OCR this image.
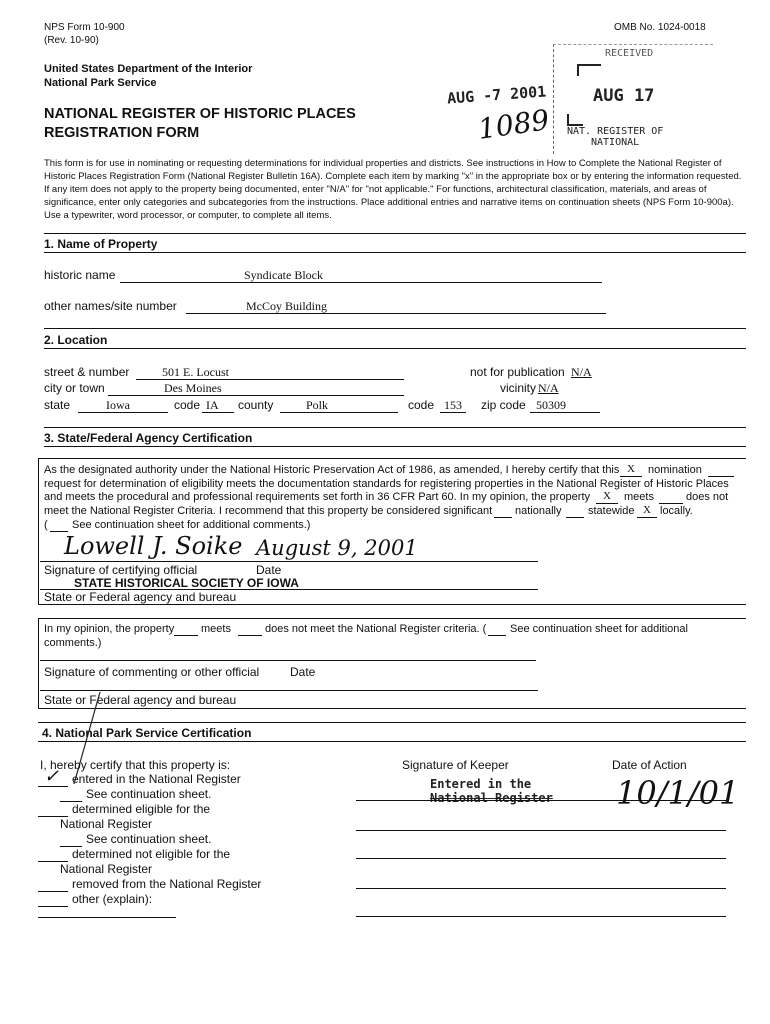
NPS Form 10-900
(Rev. 10-90)
OMB No. 1024-0018
United States Department of the Interior
National Park Service
NATIONAL REGISTER OF HISTORIC PLACES
REGISTRATION FORM
AUG -7 2001
1089
RECEIVED
AUG 17
NAT. REGISTER OF
NATIONAL
This form is for use in nominating or requesting determinations for individual properties and districts. See instructions in How to Complete the National Register of Historic Places Registration Form (National Register Bulletin 16A). Complete each item by marking "x" in the appropriate box or by entering the information requested. If any item does not apply to the property being documented, enter "N/A" for "not applicable." For functions, architectural classification, materials, and areas of significance, enter only categories and subcategories from the instructions. Place additional entries and narrative items on continuation sheets (NPS Form 10-900a). Use a typewriter, word processor, or computer, to complete all items.
1. Name of Property
historic name	Syndicate Block
other names/site number	McCoy Building
2. Location
street & number	501 E. Locust	not for publication N/A
city or town	Des Moines	vicinity N/A
state	Iowa	code IA	county	Polk	code 153	zip code 50309
3. State/Federal Agency Certification
As the designated authority under the National Historic Preservation Act of 1986, as amended, I hereby certify that this X	nomination
request for determination of eligibility meets the documentation standards for registering properties in the National Register of Historic Places
and meets the procedural and professional requirements set forth in 36 CFR Part 60. In my opinion, the property	X	meets	does not
meet the National Register Criteria. I recommend that this property be considered significant nationally statewide X locally.
( See continuation sheet for additional comments.)
Lowell J. Soike August 9, 2001
Signature of certifying official	Date
STATE HISTORICAL SOCIETY OF IOWA
State or Federal agency and bureau
In my opinion, the property meets	does not meet the National Register criteria. ( See continuation sheet for additional
comments.)
Signature of commenting or other official	Date
State or Federal agency and bureau
4. National Park Service Certification
I, hereby certify that this property is:
✓ entered in the National Register
See continuation sheet.
determined eligible for the
National Register
See continuation sheet.
determined not eligible for the
National Register
removed from the National Register
other (explain):
Signature of Keeper	Date of Action
Entered in the
National Register 10/1/01
